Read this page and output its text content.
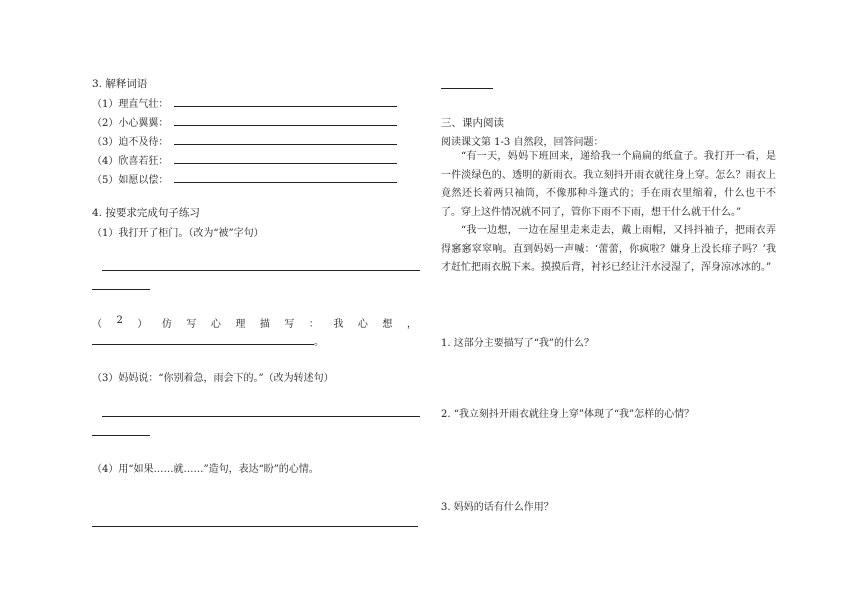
3. 解释词语
（1）理直气壮：
（2）小心翼翼：
（3）迫不及待：
（4）欣喜若狂：
（5）如愿以偿：
4. 按要求完成句子练习
（1）我打开了柜门。（改为“被”字句）
（ 2 ） 仿 写 心 理 描 写 ： 我 心 想 ，
。
（3）妈妈说：“你别着急，雨会下的。”（改为转述句）
（4）用“如果……就……”造句，表达“盼”的心情。
三、课内阅读
阅读课文第 1-3 自然段，回答问题：

“有一天，妈妈下班回来，递给我一个扁扁的纸盒子。我打开一看，是一件淡绿色的、透明的新雨衣。我立刻抖开雨衣就往身上穿。怎么？雨衣上竟然还长着两只袖筒，不像那种斗篷式的；手在雨衣里缩着，什么也干不了。穿上这件情况就不同了，管你下雨不下雨，想干什么就干什么。”

“我一边想，一边在屋里走来走去，戴上雨帽，又抖抖袖子，把雨衣弄得窸窸窣窣响。直到妈妈一声喊：‘蕾蕾，你疯啦？嫌身上没长痱子吗？’我才赶忙把雨衣脱下来。摸摸后背，衬衫已经让汗水浸湿了，浑身凉冰冰的。”

1. 这部分主要描写了“我”的什么？
2. “我立刻抖开雨衣就往身上穿”体现了“我”怎样的心情？
3. 妈妈的话有什么作用？
